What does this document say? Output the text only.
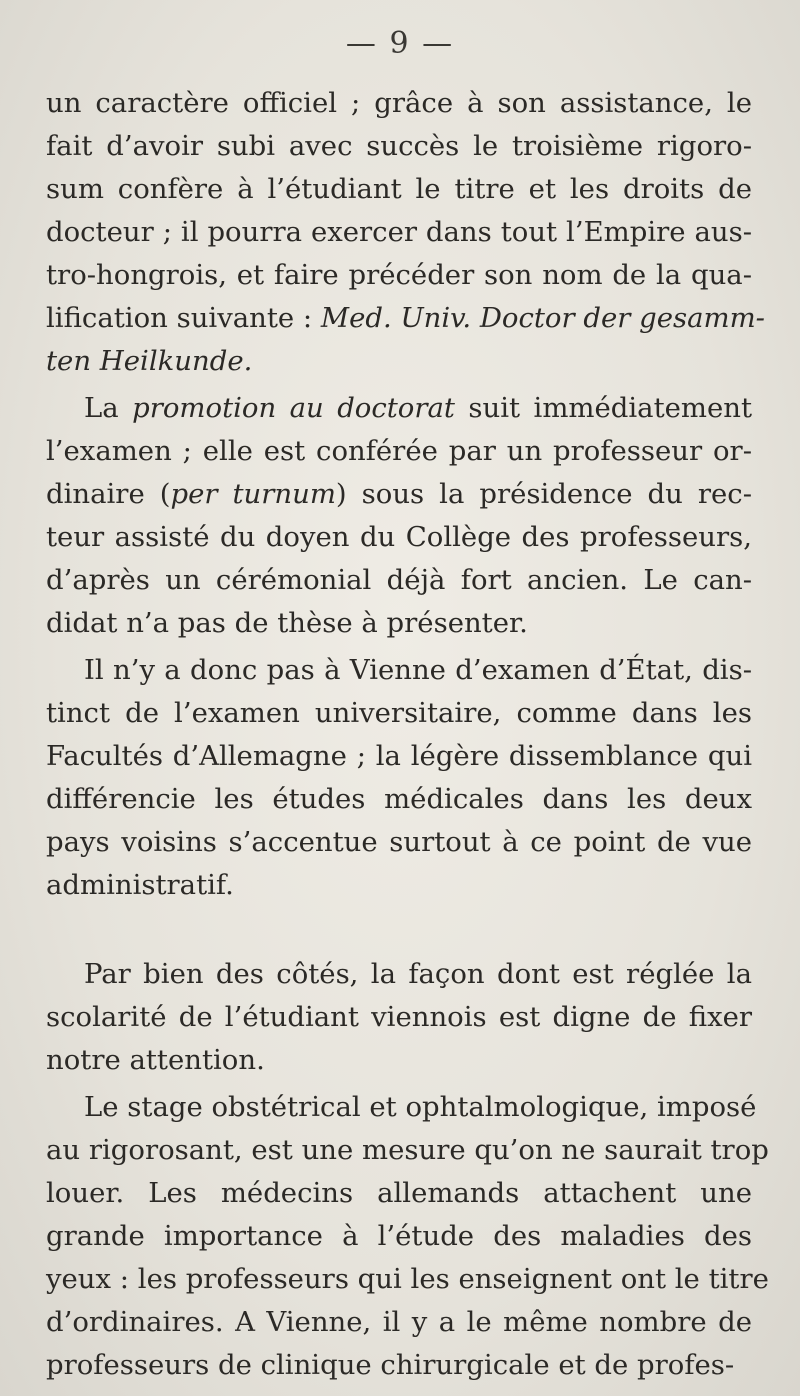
— 9 —

un caractère officiel ; grâce à son assistance, le
fait d’avoir subi avec succès le troisième rigoro-
sum confère à l’étudiant le titre et les droits de
docteur ; il pourra exercer dans tout l’Empire aus-
tro-hongrois, et faire précéder son nom de la qua-
lification suivante : Med. Univ. Doctor der gesamm-
ten Heilkunde.

La promotion au doctorat suit immédiatement
l’examen ; elle est conférée par un professeur or-
dinaire (per turnum) sous la présidence du rec-
teur assisté du doyen du Collège des professeurs,
d’après un cérémonial déjà fort ancien. Le can-
didat n’a pas de thèse à présenter.

Il n’y a donc pas à Vienne d’examen d’État, dis-
tinct de l’examen universitaire, comme dans les
Facultés d’Allemagne ; la légère dissemblance qui
différencie les études médicales dans les deux
pays voisins s’accentue surtout à ce point de vue
administratif.

Par bien des côtés, la façon dont est réglée la
scolarité de l’étudiant viennois est digne de fixer
notre attention.

Le stage obstétrical et ophtalmologique, imposé
au rigorosant, est une mesure qu’on ne saurait trop
louer. Les médecins allemands attachent une
grande importance à l’étude des maladies des
yeux : les professeurs qui les enseignent ont le titre
d’ordinaires. A Vienne, il y a le même nombre de
professeurs de clinique chirurgicale et de profes-
